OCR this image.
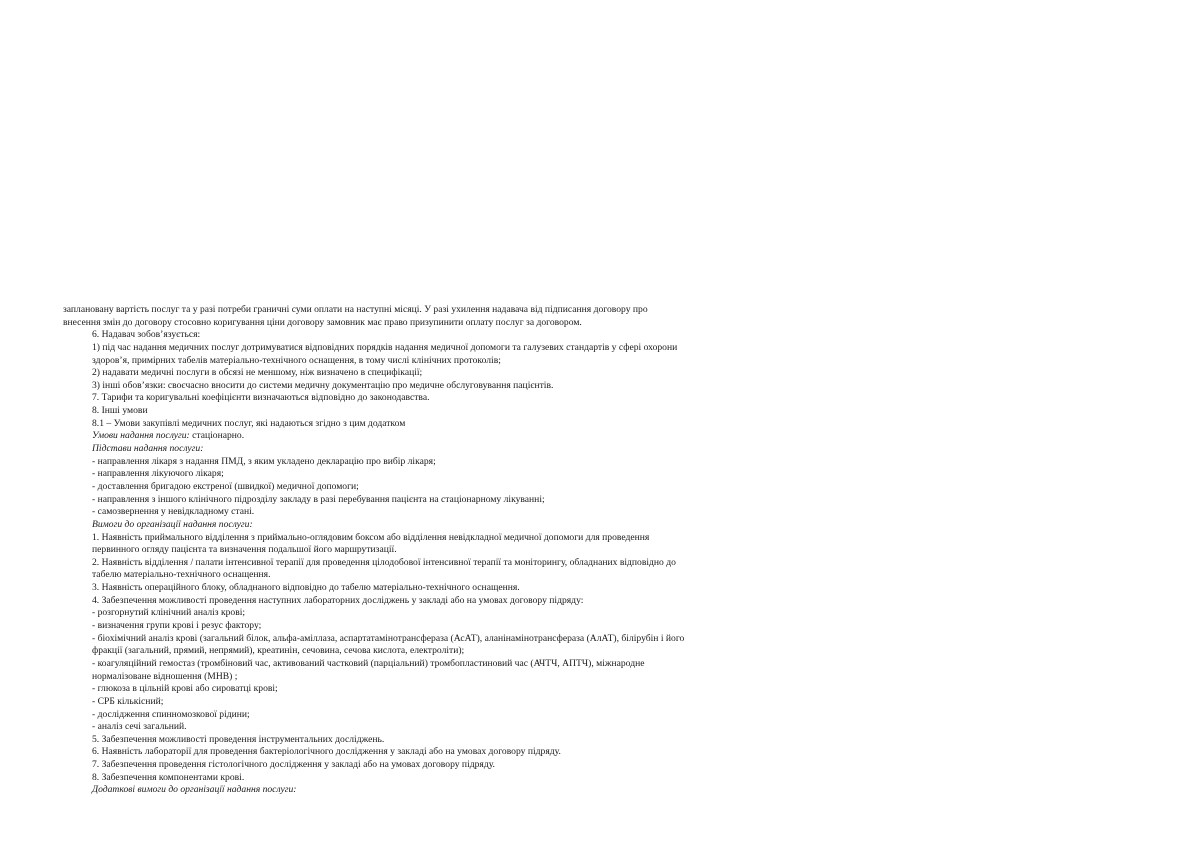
заплановану вартість послуг та у разі потреби граничні суми оплати на наступні місяці. У разі ухилення надавача від підписання договору про
внесення змін до договору стосовно коригування ціни договору замовник має право призупинити оплату послуг за договором.
6. Надавач зобов’язується:
1) під час надання медичних послуг дотримуватися відповідних порядків надання медичної допомоги та галузевих стандартів у сфері охорони
здоров’я, примірних табелів матеріально-технічного оснащення, в тому числі клінічних протоколів;
2) надавати медичні послуги в обсязі не меншому, ніж визначено в специфікації;
3) інші обов’язки: своєчасно вносити до системи медичну документацію про медичне обслуговування пацієнтів.
7. Тарифи та коригувальні коефіцієнти визначаються відповідно до законодавства.
8. Інші умови
8.1 – Умови закупівлі медичних послуг, які надаються згідно з цим додатком
Умови надання послуги: стаціонарно.
Підстави надання послуги:
- направлення лікаря з надання ПМД, з яким укладено декларацію про вибір лікаря;
- направлення лікуючого лікаря;
- доставлення бригадою екстреної (швидкої) медичної допомоги;
- направлення з іншого клінічного підрозділу закладу в разі перебування пацієнта на стаціонарному лікуванні;
- самозвернення у невідкладному стані.
Вимоги до організації надання послуги:
1. Наявність приймального відділення з приймально-оглядовим боксом або відділення невідкладної медичної допомоги для проведення
первинного огляду пацієнта та визначення подальшої його маршрутизації.
2. Наявність відділення / палати інтенсивної терапії для проведення цілодобової інтенсивної терапії та моніторингу, обладнаних відповідно до
табелю матеріально-технічного оснащення.
3. Наявність операційного блоку, обладнаного відповідно до табелю матеріально-технічного оснащення.
4. Забезпечення можливості проведення наступних лабораторних досліджень у закладі або на умовах договору підряду:
- розгорнутий клінічний аналіз крові;
- визначення групи крові і резус фактору;
- біохімічний аналіз крові (загальний білок, альфа-аміллаза, аспартатамінотрансфераза (АсАТ), аланінамінотрансфераза (АлАТ), білірубін і його
фракції (загальний, прямий, непрямий), креатинін, сечовина, сечова кислота, електроліти);
- коагуляційний гемостаз (тромбіновий час, активований частковий (парціальний) тромбопластиновий час (АЧТЧ, АПТЧ), міжнародне
нормалізоване відношення (МНВ) ;
- глюкоза в цільній крові або сироватці крові;
- СРБ кількісний;
- дослідження спинномозкової рідини;
- аналіз сечі загальний.
5. Забезпечення можливості проведення інструментальних досліджень.
6. Наявність лабораторії для проведення бактеріологічного дослідження у закладі або на умовах договору підряду.
7. Забезпечення проведення гістологічного дослідження у закладі або на умовах договору підряду.
8. Забезпечення компонентами крові.
Додаткові вимоги до організації надання послуги:
